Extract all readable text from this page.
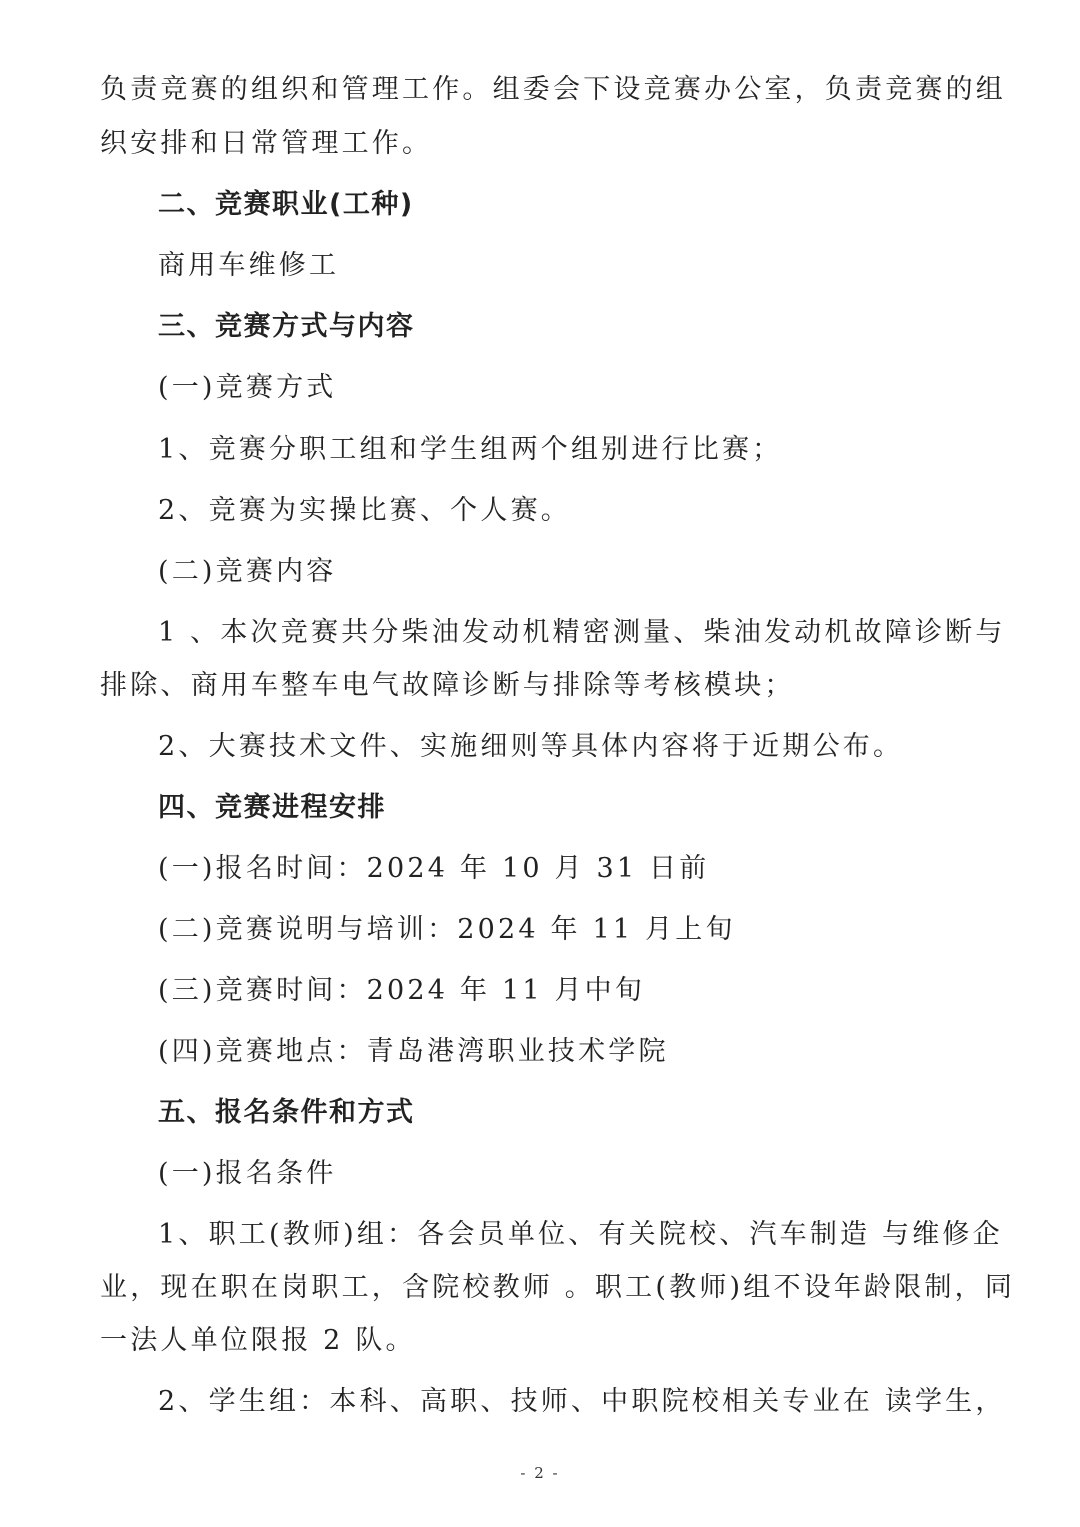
负责竞赛的组织和管理工作。组委会下设竞赛办公室，负责竞赛的组
织安排和日常管理工作。
二、竞赛职业(工种)
商用车维修工
三、竞赛方式与内容
(一)竞赛方式
1、竞赛分职工组和学生组两个组别进行比赛；
2、竞赛为实操比赛、个人赛。
(二)竞赛内容
1 、本次竞赛共分柴油发动机精密测量、柴油发动机故障诊断与
排除、商用车整车电气故障诊断与排除等考核模块；
2、大赛技术文件、实施细则等具体内容将于近期公布。
四、竞赛进程安排
(一)报名时间：2024 年 10 月 31 日前
(二)竞赛说明与培训：2024 年 11 月上旬
(三)竞赛时间：2024 年 11 月中旬
(四)竞赛地点：青岛港湾职业技术学院
五、报名条件和方式
(一)报名条件
1、职工(教师)组：各会员单位、有关院校、汽车制造 与维修企
业，现在职在岗职工，含院校教师 。职工(教师)组不设年龄限制，同
一法人单位限报 2 队。
2、学生组：本科、高职、技师、中职院校相关专业在 读学生，
- 2 -
